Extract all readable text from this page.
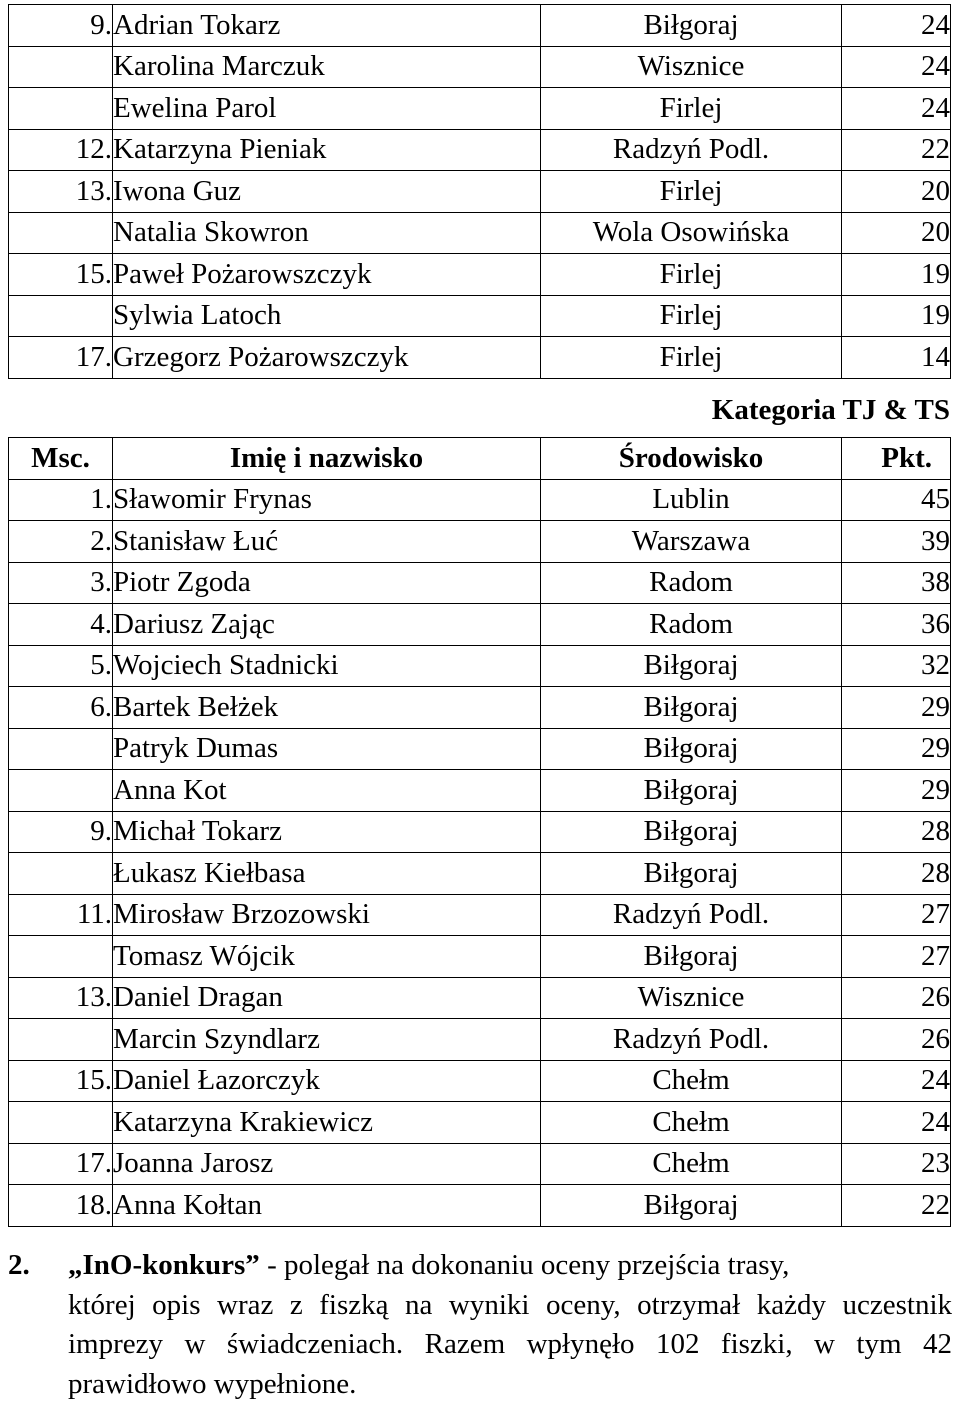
9.	Adrian Tokarz	Biłgoraj	24
	Karolina Marczuk	Wisznice	24
	Ewelina Parol	Firlej	24
12.	Katarzyna Pieniak	Radzyń Podl.	22
13.	Iwona Guz	Firlej	20
	Natalia Skowron	Wola Osowińska	20
15.	Paweł Pożarowszczyk	Firlej	19
	Sylwia Latoch	Firlej	19
17.	Grzegorz Pożarowszczyk	Firlej	14
Kategoria TJ & TS
Msc.	Imię i nazwisko	Środowisko	Pkt.
1.	Sławomir Frynas	Lublin	45
2.	Stanisław Łuć	Warszawa	39
3.	Piotr Zgoda	Radom	38
4.	Dariusz Zając	Radom	36
5.	Wojciech Stadnicki	Biłgoraj	32
6.	Bartek Bełżek	Biłgoraj	29
	Patryk Dumas	Biłgoraj	29
	Anna Kot	Biłgoraj	29
9.	Michał Tokarz	Biłgoraj	28
	Łukasz Kiełbasa	Biłgoraj	28
11.	Mirosław Brzozowski	Radzyń Podl.	27
	Tomasz Wójcik	Biłgoraj	27
13.	Daniel Dragan	Wisznice	26
	Marcin Szyndlarz	Radzyń Podl.	26
15.	Daniel Łazorczyk	Chełm	24
	Katarzyna Krakiewicz	Chełm	24
17.	Joanna Jarosz	Chełm	23
18.	Anna Kołtan	Biłgoraj	22
2. „InO-konkurs” - polegał na dokonaniu oceny przejścia trasy,
której opis wraz z fiszką na wyniki oceny, otrzymał każdy uczestnik imprezy w świadczeniach. Razem wpłynęło 102 fiszki, w tym 42 prawidłowo wypełnione.
